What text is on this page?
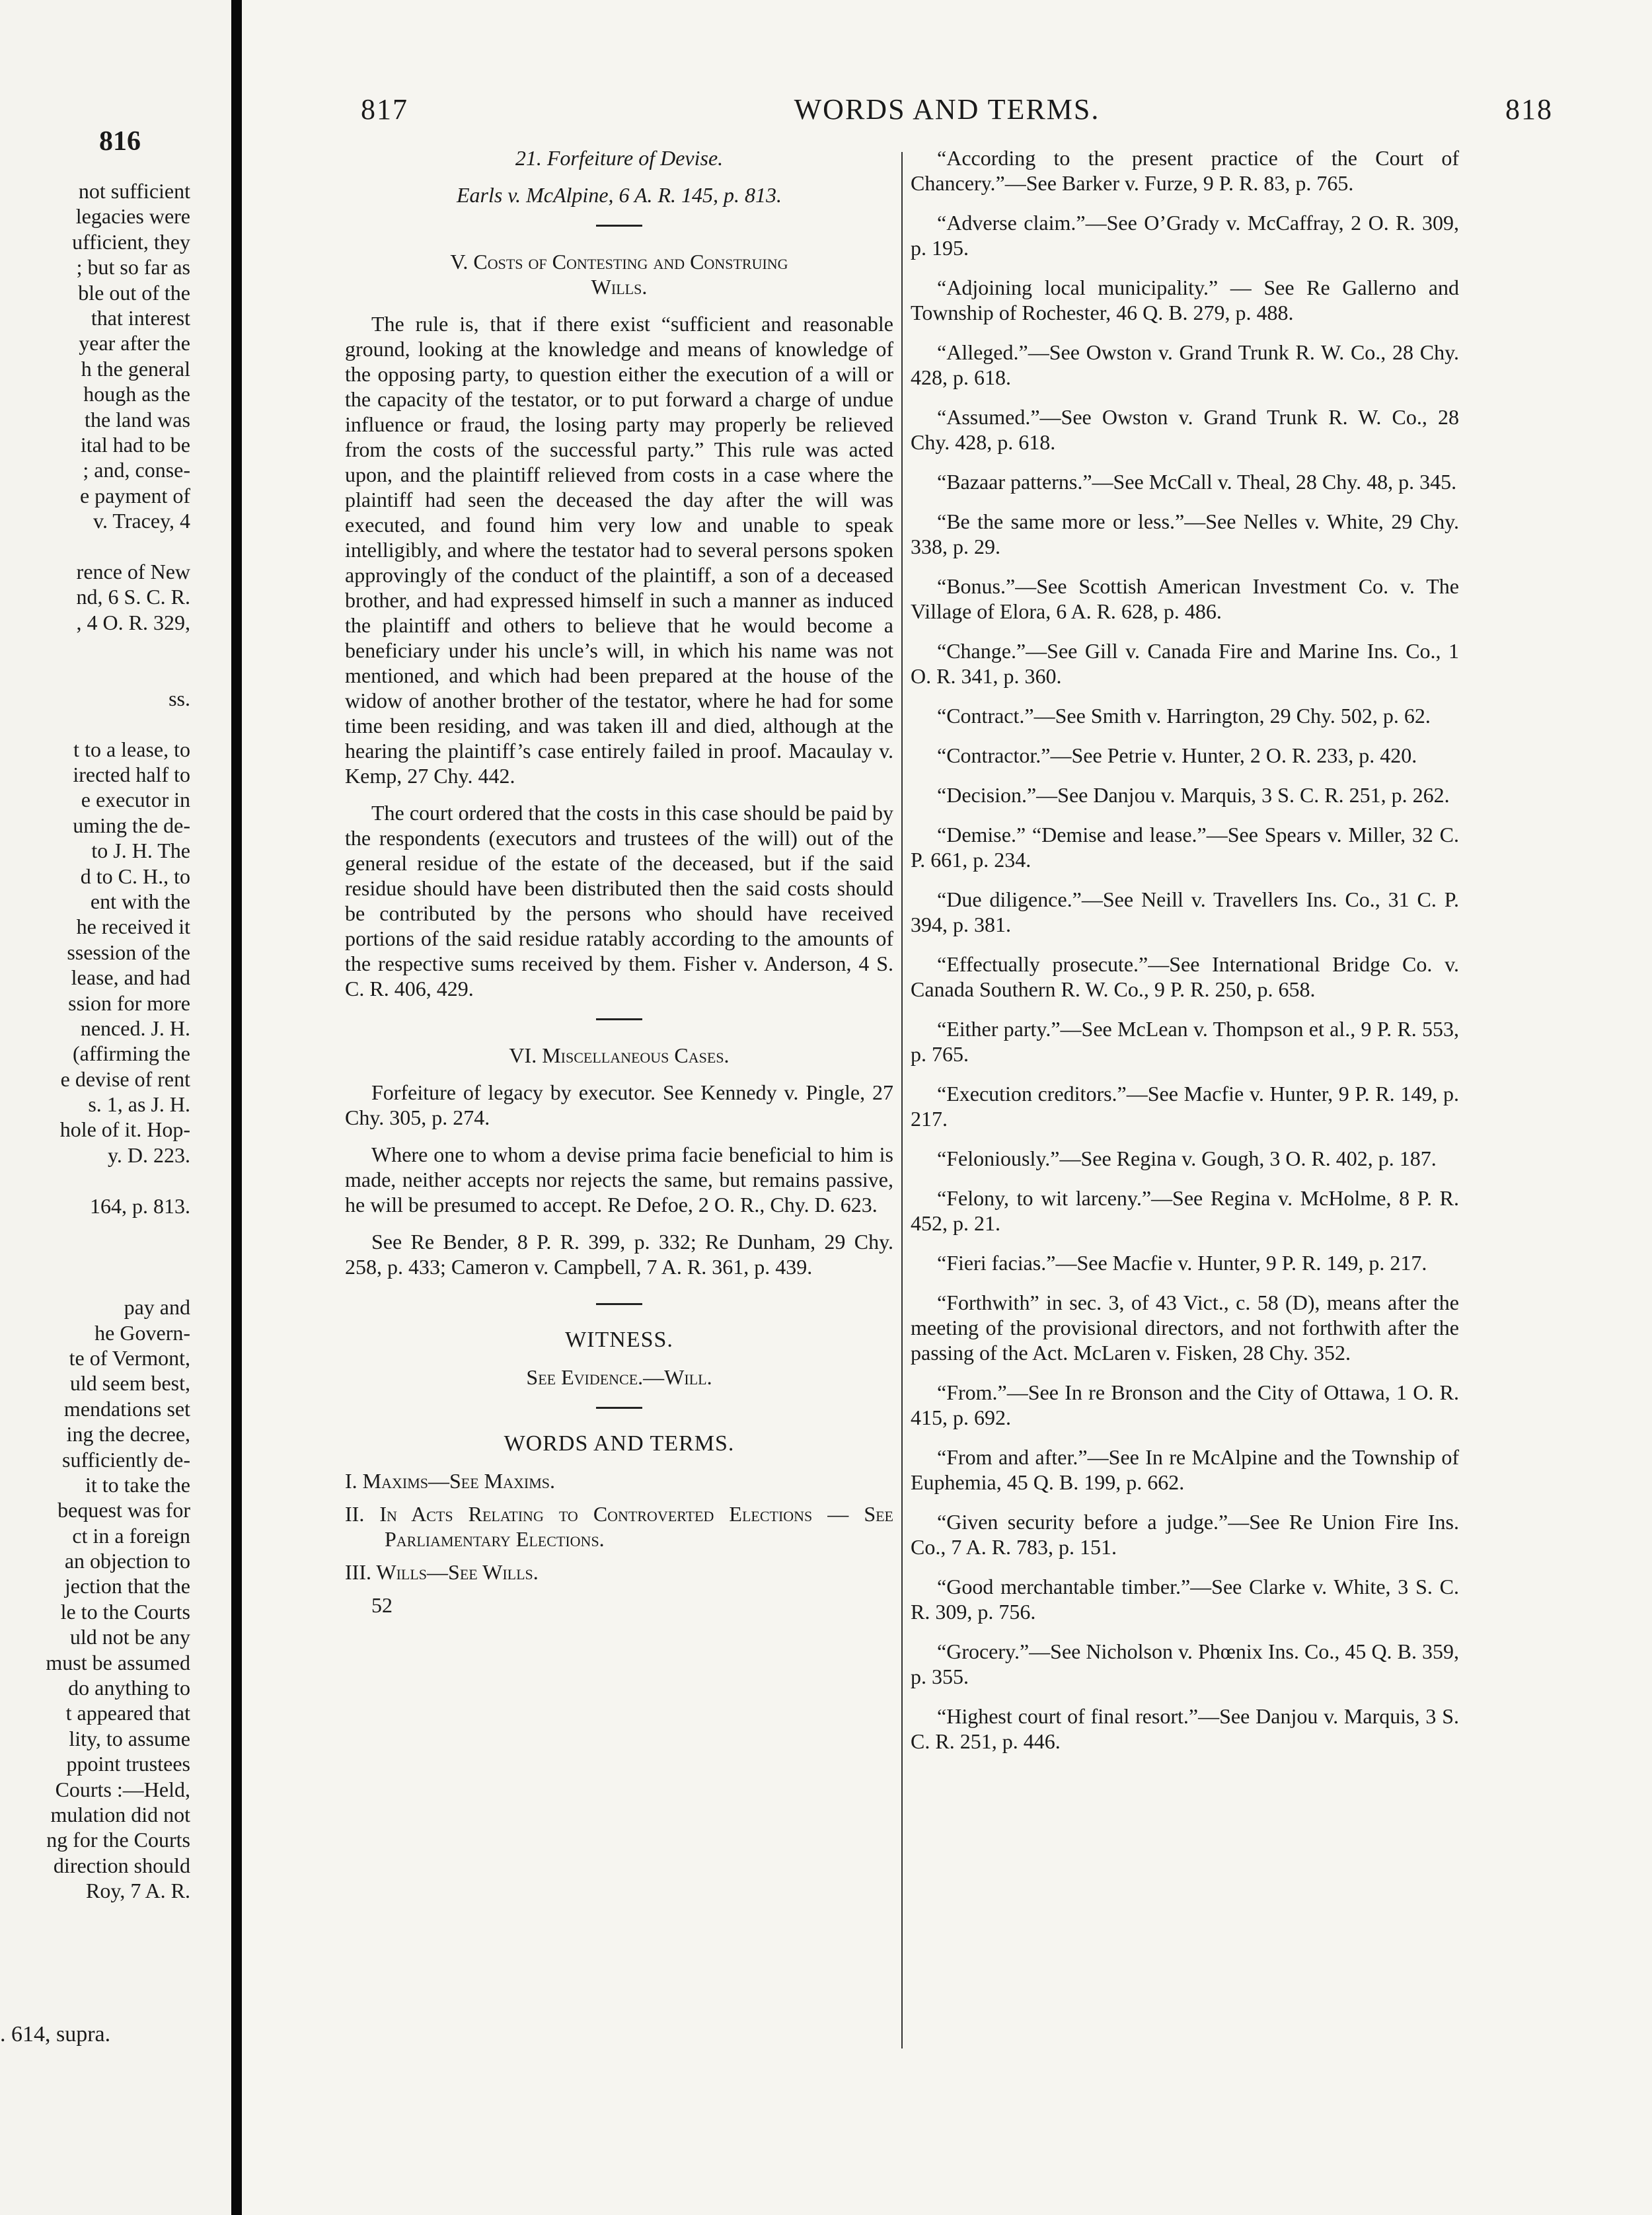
816
not sufficient
legacies were
ufficient, they
; but so far as
ble out of the
that interest
year after the
h the general
hough as the
the land was
ital had to be
; and, conse-
e payment of
v. Tracey, 4
rence of New
nd, 6 S. C. R.
, 4 O. R. 329,
ss.
t to a lease, to
irected half to
e executor in
uming the de-
to J. H. The
d to C. H., to
ent with the
he received it
ssession of the
lease, and had
ssion for more
nenced. J. H.
(affirming the
e devise of rent
s. 1, as J. H.
hole of it. Hop-
y. D. 223.
164, p. 813.
pay and
he Govern-
te of Vermont,
uld seem best,
mendations set
ing the decree,
sufficiently de-
it to take the
bequest was for
ct in a foreign
an objection to
jection that the
le to the Courts
uld not be any
must be assumed
do anything to
t appeared that
lity, to assume
ppoint trustees
Courts :—Held,
mulation did not
ng for the Courts
direction should
Roy, 7 A. R.
. 614, supra.
817	WORDS AND TERMS.	818
21. Forfeiture of Devise.
Earls v. McAlpine, 6 A. R. 145, p. 813.
V. Costs of Contesting and Construing
Wills.

The rule is, that if there exist “sufficient and reasonable ground, looking at the knowledge and means of knowledge of the opposing party, to question either the execution of a will or the capacity of the testator, or to put forward a charge of undue influence or fraud, the losing party may properly be relieved from the costs of the successful party.” This rule was acted upon, and the plaintiff relieved from costs in a case where the plaintiff had seen the deceased the day after the will was executed, and found him very low and unable to speak intelligibly, and where the testator had to several persons spoken approvingly of the conduct of the plaintiff, a son of a deceased brother, and had expressed himself in such a manner as induced the plaintiff and others to believe that he would become a beneficiary under his uncle’s will, in which his name was not mentioned, and which had been prepared at the house of the widow of another brother of the testator, where he had for some time been residing, and was taken ill and died, although at the hearing the plaintiff’s case entirely failed in proof. Macaulay v. Kemp, 27 Chy. 442.

The court ordered that the costs in this case should be paid by the respondents (executors and trustees of the will) out of the general residue of the estate of the deceased, but if the said residue should have been distributed then the said costs should be contributed by the persons who should have received portions of the said residue ratably according to the amounts of the respective sums received by them. Fisher v. Anderson, 4 S. C. R. 406, 429.

VI. Miscellaneous Cases.

Forfeiture of legacy by executor. See Kennedy v. Pingle, 27 Chy. 305, p. 274.

Where one to whom a devise prima facie beneficial to him is made, neither accepts nor rejects the same, but remains passive, he will be presumed to accept. Re Defoe, 2 O. R., Chy. D. 623.

See Re Bender, 8 P. R. 399, p. 332; Re Dunham, 29 Chy. 258, p. 433; Cameron v. Campbell, 7 A. R. 361, p. 439.

WITNESS.
See Evidence.—Will.
WORDS AND TERMS.
I. Maxims—See Maxims.
II. In Acts Relating to Controverted Elections — See Parliamentary Elections.
III. Wills—See Wills.
52

“According to the present practice of the Court of Chancery.”—See Barker v. Furze, 9 P. R. 83, p. 765.

“Adverse claim.”—See O’Grady v. McCaffray, 2 O. R. 309, p. 195.

“Adjoining local municipality.” — See Re Gallerno and Township of Rochester, 46 Q. B. 279, p. 488.

“Alleged.”—See Owston v. Grand Trunk R. W. Co., 28 Chy. 428, p. 618.

“Assumed.”—See Owston v. Grand Trunk R. W. Co., 28 Chy. 428, p. 618.

“Bazaar patterns.”—See McCall v. Theal, 28 Chy. 48, p. 345.

“Be the same more or less.”—See Nelles v. White, 29 Chy. 338, p. 29.

“Bonus.”—See Scottish American Investment Co. v. The Village of Elora, 6 A. R. 628, p. 486.

“Change.”—See Gill v. Canada Fire and Marine Ins. Co., 1 O. R. 341, p. 360.

“Contract.”—See Smith v. Harrington, 29 Chy. 502, p. 62.

“Contractor.”—See Petrie v. Hunter, 2 O. R. 233, p. 420.

“Decision.”—See Danjou v. Marquis, 3 S. C. R. 251, p. 262.

“Demise.” “Demise and lease.”—See Spears v. Miller, 32 C. P. 661, p. 234.

“Due diligence.”—See Neill v. Travellers Ins. Co., 31 C. P. 394, p. 381.

“Effectually prosecute.”—See International Bridge Co. v. Canada Southern R. W. Co., 9 P. R. 250, p. 658.

“Either party.”—See McLean v. Thompson et al., 9 P. R. 553, p. 765.

“Execution creditors.”—See Macfie v. Hunter, 9 P. R. 149, p. 217.

“Feloniously.”—See Regina v. Gough, 3 O. R. 402, p. 187.

“Felony, to wit larceny.”—See Regina v. McHolme, 8 P. R. 452, p. 21.

“Fieri facias.”—See Macfie v. Hunter, 9 P. R. 149, p. 217.

“Forthwith” in sec. 3, of 43 Vict., c. 58 (D), means after the meeting of the provisional directors, and not forthwith after the passing of the Act. McLaren v. Fisken, 28 Chy. 352.

“From.”—See In re Bronson and the City of Ottawa, 1 O. R. 415, p. 692.

“From and after.”—See In re McAlpine and the Township of Euphemia, 45 Q. B. 199, p. 662.

“Given security before a judge.”—See Re Union Fire Ins. Co., 7 A. R. 783, p. 151.

“Good merchantable timber.”—See Clarke v. White, 3 S. C. R. 309, p. 756.

“Grocery.”—See Nicholson v. Phœnix Ins. Co., 45 Q. B. 359, p. 355.

“Highest court of final resort.”—See Danjou v. Marquis, 3 S. C. R. 251, p. 446.
